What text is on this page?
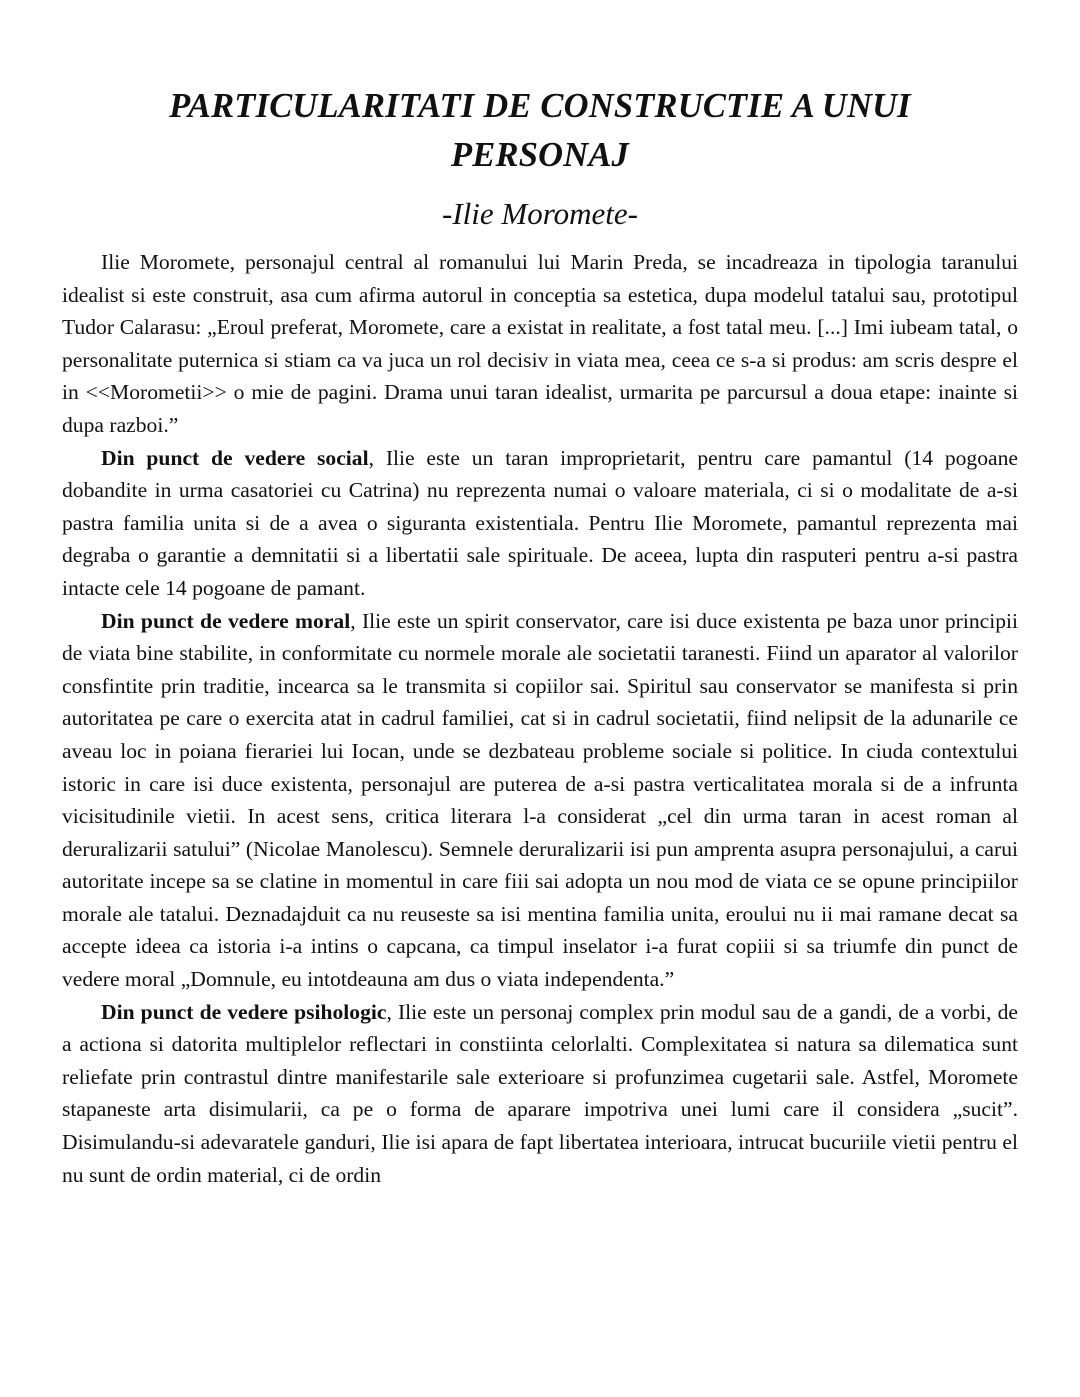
PARTICULARITATI DE CONSTRUCTIE A UNUI
PERSONAJ
-Ilie Moromete-

Ilie Moromete, personajul central al romanului lui Marin Preda, se incadreaza in tipologia taranului idealist si este construit, asa cum afirma autorul in conceptia sa estetica, dupa modelul tatalui sau, prototipul Tudor Calarasu: „Eroul preferat, Moromete, care a existat in realitate, a fost tatal meu. [...] Imi iubeam tatal, o personalitate puternica si stiam ca va juca un rol decisiv in viata mea, ceea ce s-a si produs: am scris despre el in <<Morometii>> o mie de pagini. Drama unui taran idealist, urmarita pe parcursul a doua etape: inainte si dupa razboi.”

Din punct de vedere social, Ilie este un taran improprietarit, pentru care pamantul (14 pogoane dobandite in urma casatoriei cu Catrina) nu reprezenta numai o valoare materiala, ci si o modalitate de a-si pastra familia unita si de a avea o siguranta existentiala. Pentru Ilie Moromete, pamantul reprezenta mai degraba o garantie a demnitatii si a libertatii sale spirituale. De aceea, lupta din rasputeri pentru a-si pastra intacte cele 14 pogoane de pamant.

Din punct de vedere moral, Ilie este un spirit conservator, care isi duce existenta pe baza unor principii de viata bine stabilite, in conformitate cu normele morale ale societatii taranesti. Fiind un aparator al valorilor consfintite prin traditie, incearca sa le transmita si copiilor sai. Spiritul sau conservator se manifesta si prin autoritatea pe care o exercita atat in cadrul familiei, cat si in cadrul societatii, fiind nelipsit de la adunarile ce aveau loc in poiana fierariei lui Iocan, unde se dezbateau probleme sociale si politice. In ciuda contextului istoric in care isi duce existenta, personajul are puterea de a-si pastra verticalitatea morala si de a infrunta vicisitudinile vietii. In acest sens, critica literara l-a considerat „cel din urma taran in acest roman al deruralizarii satului” (Nicolae Manolescu). Semnele deruralizarii isi pun amprenta asupra personajului, a carui autoritate incepe sa se clatine in momentul in care fiii sai adopta un nou mod de viata ce se opune principiilor morale ale tatalui. Deznadajduit ca nu reuseste sa isi mentina familia unita, eroului nu ii mai ramane decat sa accepte ideea ca istoria i-a intins o capcana, ca timpul inselator i-a furat copiii si sa triumfe din punct de vedere moral „Domnule, eu intotdeauna am dus o viata independenta.”

Din punct de vedere psihologic, Ilie este un personaj complex prin modul sau de a gandi, de a vorbi, de a actiona si datorita multiplelor reflectari in constiinta celorlalti. Complexitatea si natura sa dilematica sunt reliefate prin contrastul dintre manifestarile sale exterioare si profunzimea cugetarii sale. Astfel, Moromete stapaneste arta disimularii, ca pe o forma de aparare impotriva unei lumi care il considera „sucit”. Disimulandu-si adevaratele ganduri, Ilie isi apara de fapt libertatea interioara, intrucat bucuriile vietii pentru el nu sunt de ordin material, ci de ordin
